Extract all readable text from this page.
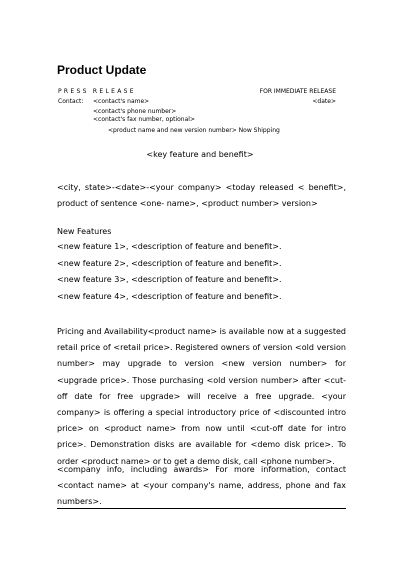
Product Update
PRESS RELEASE	FOR IMMEDIATE RELEASE
Contact: <contact's name>
<contact's phone number>
<contact's fax number, optional>
<date>
<product name and new version number> Now Shipping
<key feature and benefit>
<city, state>-<date>-<your company> <today released < benefit>, product of sentence <one- name>, <product number> version>
New Features
<new feature 1>, <description of feature and benefit>.
<new feature 2>, <description of feature and benefit>.
<new feature 3>, <description of feature and benefit>.
<new feature 4>, <description of feature and benefit>.
Pricing and Availability<product name> is available now at a suggested retail price of <retail price>. Registered owners of version <old version number> may upgrade to version <new version number> for <upgrade price>. Those purchasing <old version number> after <cut- off date for free upgrade> will receive a free upgrade. <your company> is offering a special introductory price of <discounted intro price> on <product name> from now until <cut-off date for intro price>. Demonstration disks are available for <demo disk price>. To order <product name> or to get a demo disk, call <phone number>.
<company info, including awards> For more information, contact <contact name> at <your company's name, address, phone and fax numbers>.
